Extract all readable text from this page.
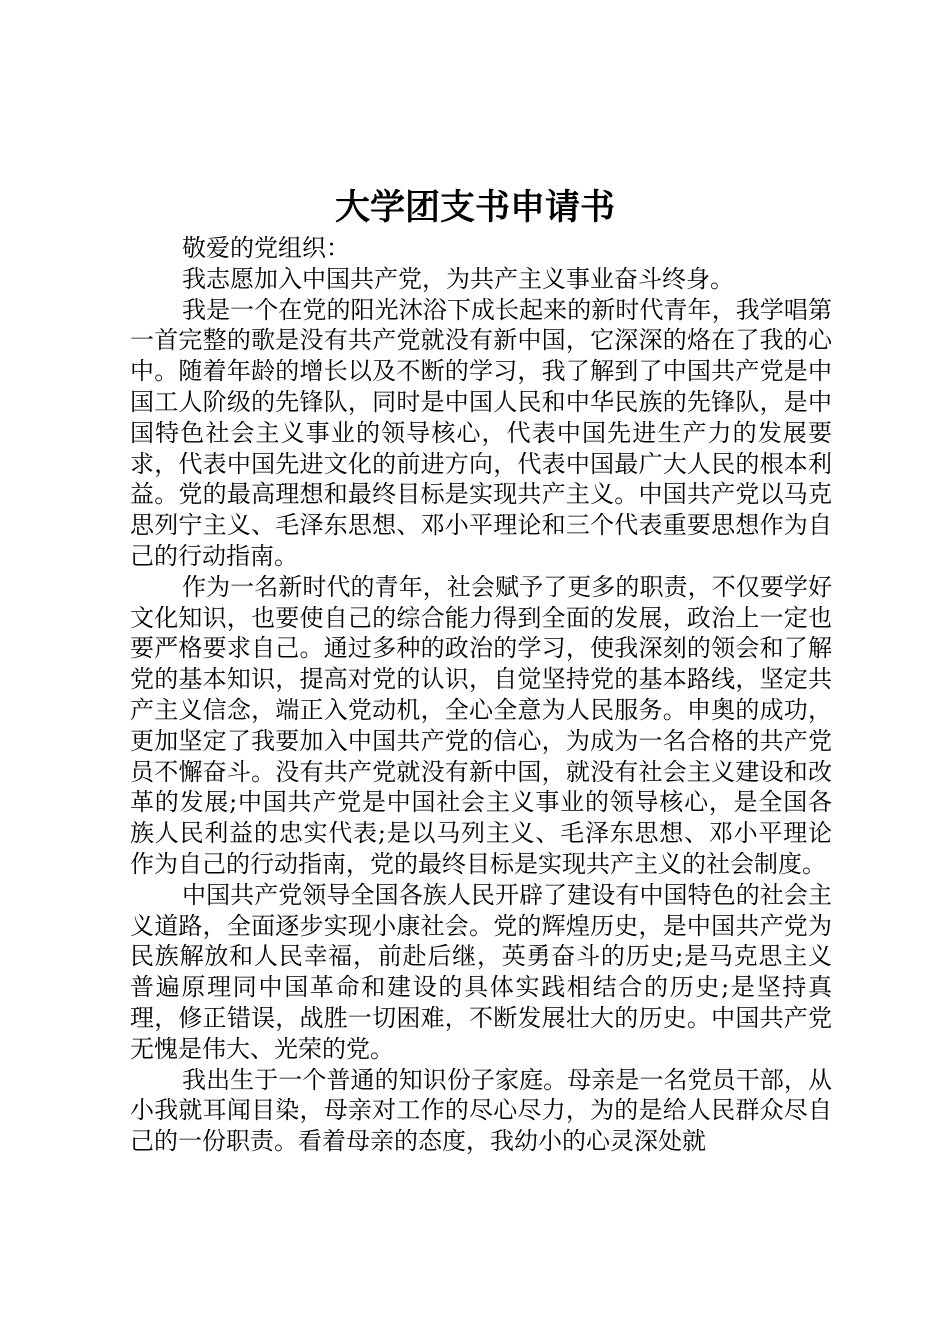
大学团支书申请书

敬爱的党组织：

我志愿加入中国共产党，为共产主义事业奋斗终身。

我是一个在党的阳光沐浴下成长起来的新时代青年，我学唱第一首完整的歌是没有共产党就没有新中国，它深深的烙在了我的心中。随着年龄的增长以及不断的学习，我了解到了中国共产党是中国工人阶级的先锋队，同时是中国人民和中华民族的先锋队，是中国特色社会主义事业的领导核心，代表中国先进生产力的发展要求，代表中国先进文化的前进方向，代表中国最广大人民的根本利益。党的最高理想和最终目标是实现共产主义。中国共产党以马克思列宁主义、毛泽东思想、邓小平理论和三个代表重要思想作为自己的行动指南。

作为一名新时代的青年，社会赋予了更多的职责，不仅要学好文化知识，也要使自己的综合能力得到全面的发展，政治上一定也要严格要求自己。通过多种的政治的学习，使我深刻的领会和了解党的基本知识，提高对党的认识，自觉坚持党的基本路线，坚定共产主义信念，端正入党动机，全心全意为人民服务。申奥的成功，更加坚定了我要加入中国共产党的信心，为成为一名合格的共产党员不懈奋斗。没有共产党就没有新中国，就没有社会主义建设和改革的发展;中国共产党是中国社会主义事业的领导核心，是全国各族人民利益的忠实代表;是以马列主义、毛泽东思想、邓小平理论作为自己的行动指南，党的最终目标是实现共产主义的社会制度。

中国共产党领导全国各族人民开辟了建设有中国特色的社会主义道路，全面逐步实现小康社会。党的辉煌历史，是中国共产党为民族解放和人民幸福，前赴后继，英勇奋斗的历史;是马克思主义普遍原理同中国革命和建设的具体实践相结合的历史;是坚持真理，修正错误，战胜一切困难，不断发展壮大的历史。中国共产党无愧是伟大、光荣的党。

我出生于一个普通的知识份子家庭。母亲是一名党员干部，从小我就耳闻目染，母亲对工作的尽心尽力，为的是给人民群众尽自己的一份职责。看着母亲的态度，我幼小的心灵深处就
